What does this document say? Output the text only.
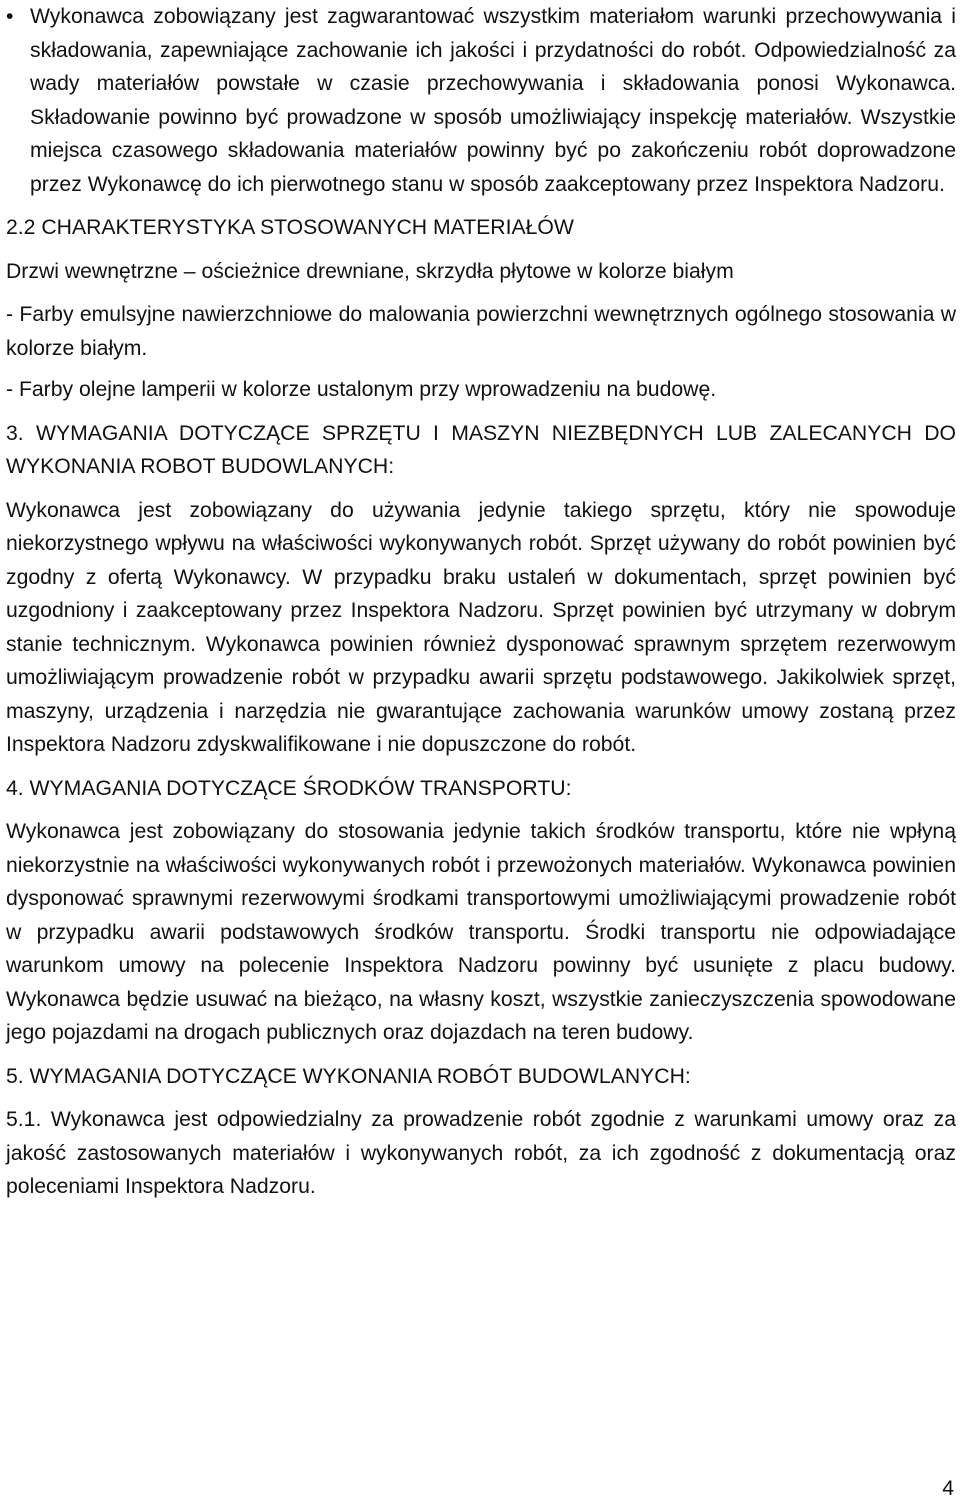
• Wykonawca zobowiązany jest zagwarantować wszystkim materiałom warunki przechowywania i składowania, zapewniające zachowanie ich jakości i przydatności do robót. Odpowiedzialność za wady materiałów powstałe w czasie przechowywania i składowania ponosi Wykonawca. Składowanie powinno być prowadzone w sposób umożliwiający inspekcję materiałów. Wszystkie miejsca czasowego składowania materiałów powinny być po zakończeniu robót doprowadzone przez Wykonawcę do ich pierwotnego stanu w sposób zaakceptowany przez Inspektora Nadzoru.

2.2 CHARAKTERYSTYKA STOSOWANYCH MATERIAŁÓW

Drzwi wewnętrzne – ościeżnice drewniane, skrzydła płytowe w kolorze białym

- Farby emulsyjne nawierzchniowe do malowania powierzchni wewnętrznych ogólnego stosowania w kolorze białym.

- Farby olejne lamperii w kolorze ustalonym przy wprowadzeniu na budowę.

3. WYMAGANIA DOTYCZĄCE SPRZĘTU I MASZYN NIEZBĘDNYCH LUB ZALECANYCH DO WYKONANIA ROBOT BUDOWLANYCH:

Wykonawca jest zobowiązany do używania jedynie takiego sprzętu, który nie spowoduje niekorzystnego wpływu na właściwości wykonywanych robót. Sprzęt używany do robót powinien być zgodny z ofertą Wykonawcy. W przypadku braku ustaleń w dokumentach, sprzęt powinien być uzgodniony i zaakceptowany przez Inspektora Nadzoru. Sprzęt powinien być utrzymany w dobrym stanie technicznym. Wykonawca powinien również dysponować sprawnym sprzętem rezerwowym umożliwiającym prowadzenie robót w przypadku awarii sprzętu podstawowego. Jakikolwiek sprzęt, maszyny, urządzenia i narzędzia nie gwarantujące zachowania warunków umowy zostaną przez Inspektora Nadzoru zdyskwalifikowane i nie dopuszczone do robót.

4. WYMAGANIA DOTYCZĄCE ŚRODKÓW TRANSPORTU:

Wykonawca jest zobowiązany do stosowania jedynie takich środków transportu, które nie wpłyną niekorzystnie na właściwości wykonywanych robót i przewożonych materiałów. Wykonawca powinien dysponować sprawnymi rezerwowymi środkami transportowymi umożliwiającymi prowadzenie robót w przypadku awarii podstawowych środków transportu. Środki transportu nie odpowiadające warunkom umowy na polecenie Inspektora Nadzoru powinny być usunięte z placu budowy. Wykonawca będzie usuwać na bieżąco, na własny koszt, wszystkie zanieczyszczenia spowodowane jego pojazdami na drogach publicznych oraz dojazdach na teren budowy.

5. WYMAGANIA DOTYCZĄCE WYKONANIA ROBÓT BUDOWLANYCH:

5.1. Wykonawca jest odpowiedzialny za prowadzenie robót zgodnie z warunkami umowy oraz za jakość zastosowanych materiałów i wykonywanych robót, za ich zgodność z dokumentacją oraz poleceniami Inspektora Nadzoru.

4
